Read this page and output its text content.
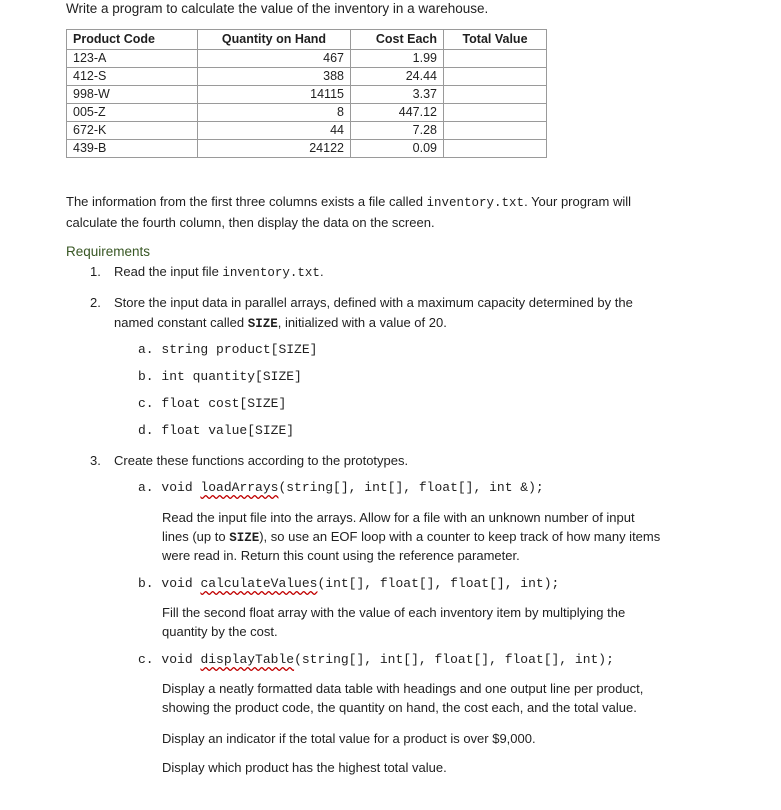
Write a program to calculate the value of the inventory in a warehouse.
Product Code	Quantity on Hand	Cost Each	Total Value
123-A	467	1.99	
412-S	388	24.44	
998-W	14115	3.37	
005-Z	8	447.12	
672-K	44	7.28	
439-B	24122	0.09	
The information from the first three columns exists a file called inventory.txt. Your program will
calculate the fourth column, then display the data on the screen.
Requirements
1. Read the input file inventory.txt.
2. Store the input data in parallel arrays, defined with a maximum capacity determined by the
named constant called SIZE, initialized with a value of 20.
a. string product[SIZE]
b. int quantity[SIZE]
c. float cost[SIZE]
d. float value[SIZE]
3. Create these functions according to the prototypes.
a. void loadArrays(string[], int[], float[], int &);
Read the input file into the arrays. Allow for a file with an unknown number of input
lines (up to SIZE), so use an EOF loop with a counter to keep track of how many items
were read in. Return this count using the reference parameter.
b. void calculateValues(int[], float[], float[], int);
Fill the second float array with the value of each inventory item by multiplying the
quantity by the cost.
c. void displayTable(string[], int[], float[], float[], int);
Display a neatly formatted data table with headings and one output line per product,
showing the product code, the quantity on hand, the cost each, and the total value.
Display an indicator if the total value for a product is over $9,000.
Display which product has the highest total value.
